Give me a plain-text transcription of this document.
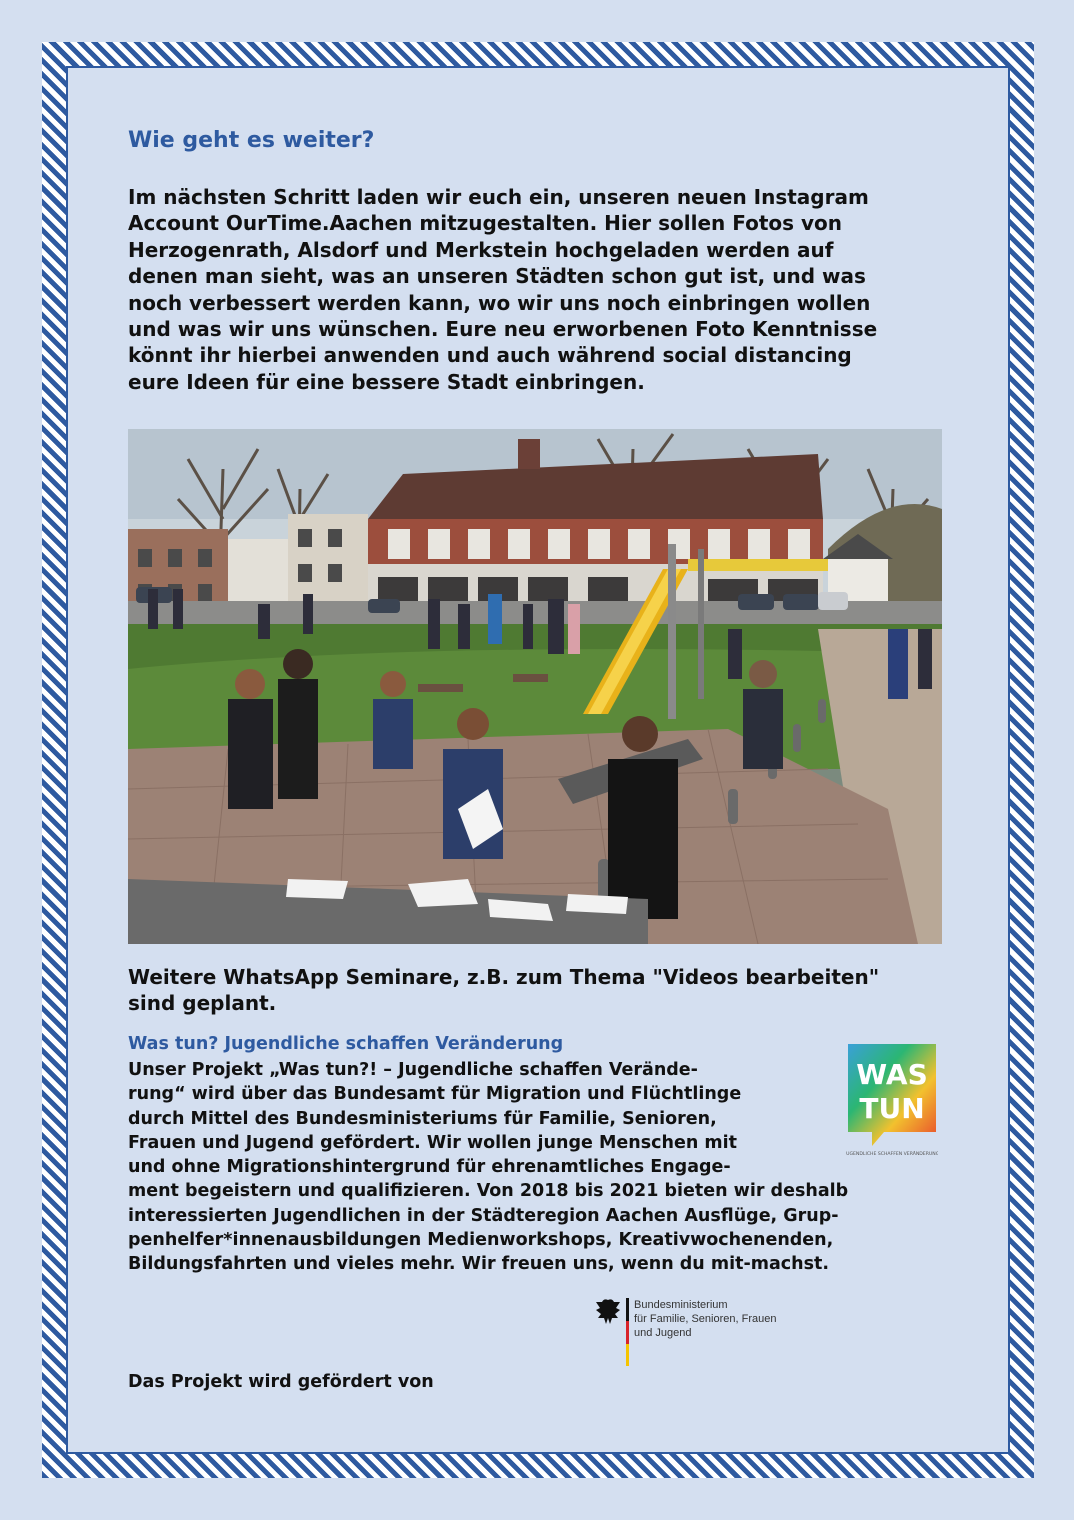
Wie geht es weiter?

Im nächsten Schritt laden wir euch ein, unseren neuen Instagram
Account OurTime.Aachen mitzugestalten. Hier sollen Fotos von
Herzogenrath, Alsdorf und Merkstein hochgeladen werden auf
denen man sieht, was an unseren Städten schon gut ist, und was
noch verbessert werden kann, wo wir uns noch einbringen wollen
und was wir uns wünschen. Eure neu erworbenen Foto Kenntnisse
könnt ihr hierbei anwenden und auch während social distancing
eure Ideen für eine bessere Stadt einbringen.

Weitere WhatsApp Seminare, z.B. zum Thema "Videos bearbeiten"
sind geplant.

Was tun? Jugendliche schaffen Veränderung

Unser Projekt „Was tun?! – Jugendliche schaffen Verände-
rung“ wird über das Bundesamt für Migration und Flüchtlinge
durch Mittel des Bundesministeriums für Familie, Senioren,
Frauen und Jugend gefördert. Wir wollen junge Menschen mit
und ohne Migrationshintergrund für ehrenamtliches Engage-
ment begeistern und qualifizieren. Von 2018 bis 2021 bieten wir deshalb
interessierten Jugendlichen in der Städteregion Aachen Ausflüge, Grup-
penhelfer*innenausbildungen Medienworkshops, Kreativwochenenden,
Bildungsfahrten und vieles mehr. Wir freuen uns, wenn du mit-machst.

WAS
TUN
JUGENDLICHE SCHAFFEN VERÄNDERUNG
Bundesministerium
für Familie, Senioren, Frauen
und Jugend

Das Projekt wird gefördert von
